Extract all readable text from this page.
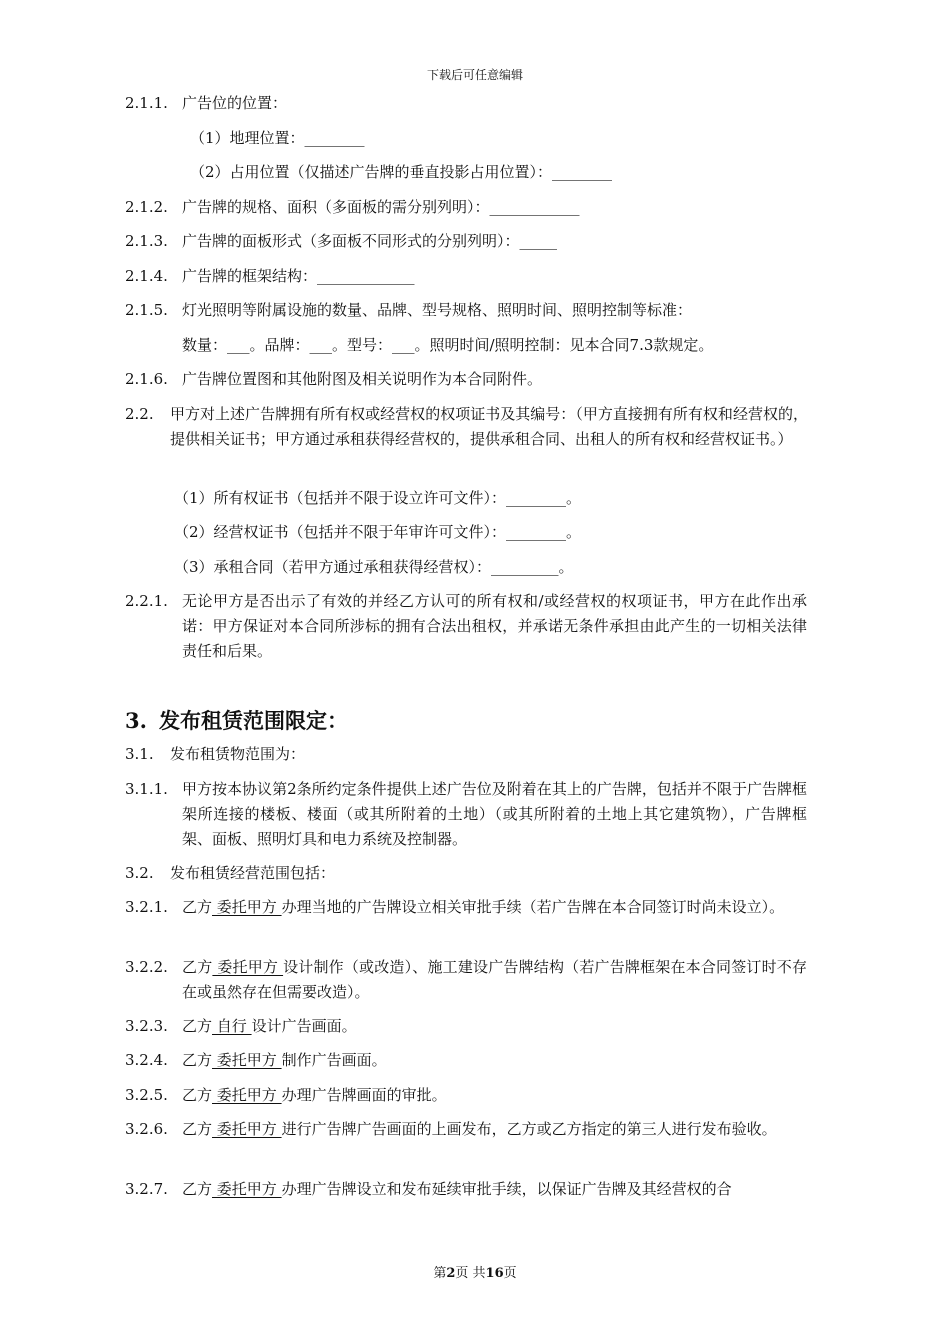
下载后可任意编辑
2.1.1. 广告位的位置：
（1）地理位置：________
（2）占用位置（仅描述广告牌的垂直投影占用位置）：________
2.1.2. 广告牌的规格、面积（多面板的需分别列明）：____________
2.1.3. 广告牌的面板形式（多面板不同形式的分别列明）：_____
2.1.4. 广告牌的框架结构：_____________
2.1.5. 灯光照明等附属设施的数量、品牌、型号规格、照明时间、照明控制等标准：
数量：___。品牌：___。型号：___。照明时间/照明控制：见本合同7.3款规定。
2.1.6. 广告牌位置图和其他附图及相关说明作为本合同附件。
2.2. 甲方对上述广告牌拥有所有权或经营权的权项证书及其编号：（甲方直接拥有所有权和经营权的，提供相关证书；甲方通过承租获得经营权的，提供承租合同、出租人的所有权和经营权证书。）
（1）所有权证书（包括并不限于设立许可文件）：________。
（2）经营权证书（包括并不限于年审许可文件）：________。
（3）承租合同（若甲方通过承租获得经营权）：_________。
2.2.1. 无论甲方是否出示了有效的并经乙方认可的所有权和/或经营权的权项证书，甲方在此作出承诺：甲方保证对本合同所涉标的拥有合法出租权，并承诺无条件承担由此产生的一切相关法律责任和后果。
3. 发布租赁范围限定：
3.1. 发布租赁物范围为：
3.1.1. 甲方按本协议第2条所约定条件提供上述广告位及附着在其上的广告牌，包括并不限于广告牌框架所连接的楼板、楼面（或其所附着的土地）（或其所附着的土地上其它建筑物），广告牌框架、面板、照明灯具和电力系统及控制器。
3.2. 发布租赁经营范围包括：
3.2.1. 乙方 委托甲方 办理当地的广告牌设立相关审批手续（若广告牌在本合同签订时尚未设立）。
3.2.2. 乙方 委托甲方 设计制作（或改造）、施工建设广告牌结构（若广告牌框架在本合同签订时不存在或虽然存在但需要改造）。
3.2.3. 乙方 自行 设计广告画面。
3.2.4. 乙方 委托甲方 制作广告画面。
3.2.5. 乙方 委托甲方 办理广告牌画面的审批。
3.2.6. 乙方 委托甲方 进行广告牌广告画面的上画发布，乙方或乙方指定的第三人进行发布验收。
3.2.7. 乙方 委托甲方 办理广告牌设立和发布延续审批手续，以保证广告牌及其经营权的合
第2页 共16页
